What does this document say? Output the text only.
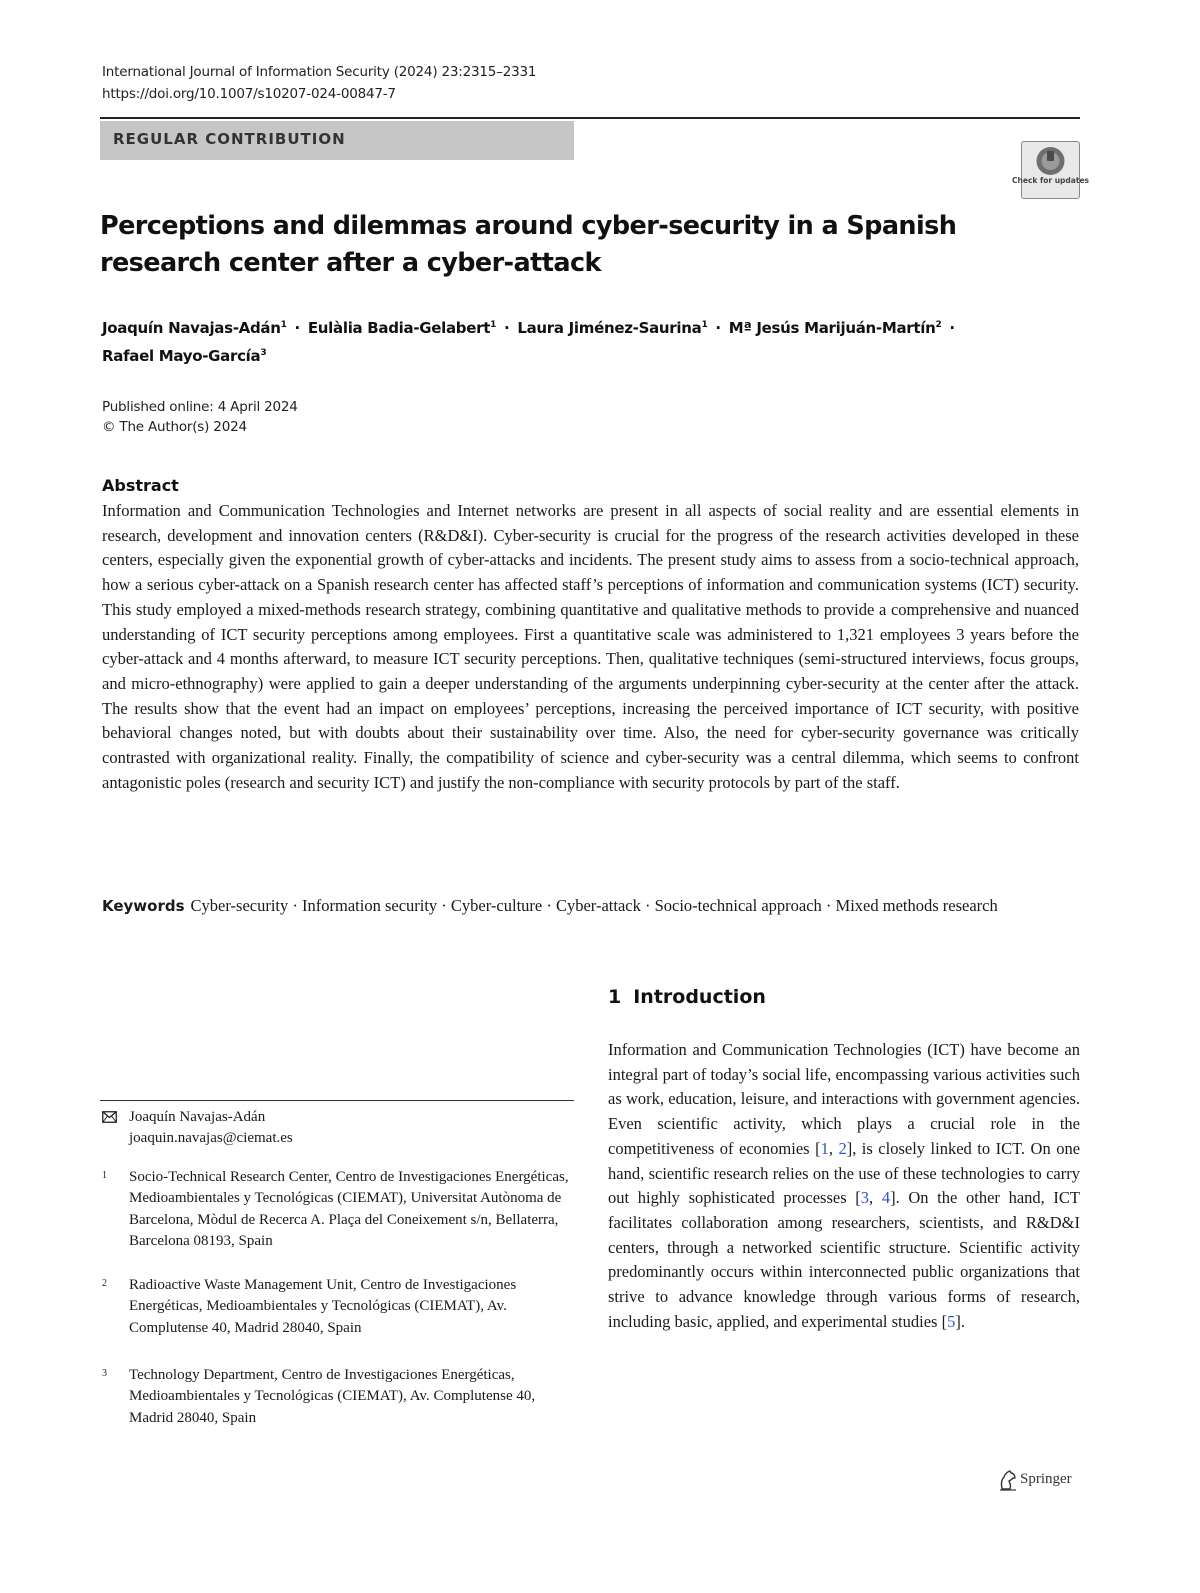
International Journal of Information Security (2024) 23:2315–2331
https://doi.org/10.1007/s10207-024-00847-7
REGULAR CONTRIBUTION
Check for updates
Perceptions and dilemmas around cyber-security in a Spanish research center after a cyber-attack
Joaquín Navajas-Adán$^1$ · Eulàlia Badia-Gelabert$^1$ · Laura Jiménez-Saurina$^1$ · Mª Jesús Marijuán-Martín$^2$ ·
Rafael Mayo-García$^3$
Published online: 4 April 2024
© The Author(s) 2024
Abstract

Information and Communication Technologies and Internet networks are present in all aspects of social reality and are essential elements in research, development and innovation centers (R&D&I). Cyber-security is crucial for the progress of the research activities developed in these centers, especially given the exponential growth of cyber-attacks and incidents. The present study aims to assess from a socio-technical approach, how a serious cyber-attack on a Spanish research center has affected staff’s perceptions of information and communication systems (ICT) security. This study employed a mixed-methods research strategy, combining quantitative and qualitative methods to provide a comprehensive and nuanced understanding of ICT security perceptions among employees. First a quantitative scale was administered to 1,321 employees 3 years before the cyber-attack and 4 months afterward, to measure ICT security perceptions. Then, qualitative techniques (semi-structured interviews, focus groups, and micro-ethnography) were applied to gain a deeper understanding of the arguments underpinning cyber-security at the center after the attack. The results show that the event had an impact on employees’ perceptions, increasing the perceived importance of ICT security, with positive behavioral changes noted, but with doubts about their sustainability over time. Also, the need for cyber-security governance was critically contrasted with organizational reality. Finally, the compatibility of science and cyber-security was a central dilemma, which seems to confront antagonistic poles (research and security ICT) and justify the non-compliance with security protocols by part of the staff.

Keywords Cyber-security · Information security · Cyber-culture · Cyber-attack · Socio-technical approach · Mixed methods research
1 Introduction

Information and Communication Technologies (ICT) have become an integral part of today’s social life, encompassing various activities such as work, education, leisure, and interactions with government agencies. Even scientific activity, which plays a crucial role in the competitiveness of economies [1, 2], is closely linked to ICT. On one hand, scientific research relies on the use of these technologies to carry out highly sophisticated processes [3, 4]. On the other hand, ICT facilitates collaboration among researchers, scientists, and R&D&I centers, through a networked scientific structure. Scientific activity predominantly occurs within interconnected public organizations that strive to advance knowledge through various forms of research, including basic, applied, and experimental studies [5].

Joaquín Navajas-Adán
joaquin.navajas@ciemat.es
1 Socio-Technical Research Center, Centro de Investigaciones Energéticas, Medioambientales y Tecnológicas (CIEMAT), Universitat Autònoma de Barcelona, Mòdul de Recerca A. Plaça del Coneixement s/n, Bellaterra, Barcelona 08193, Spain
2 Radioactive Waste Management Unit, Centro de Investigaciones Energéticas, Medioambientales y Tecnológicas (CIEMAT), Av. Complutense 40, Madrid 28040, Spain
3 Technology Department, Centro de Investigaciones Energéticas, Medioambientales y Tecnológicas (CIEMAT), Av. Complutense 40, Madrid 28040, Spain
Springer
